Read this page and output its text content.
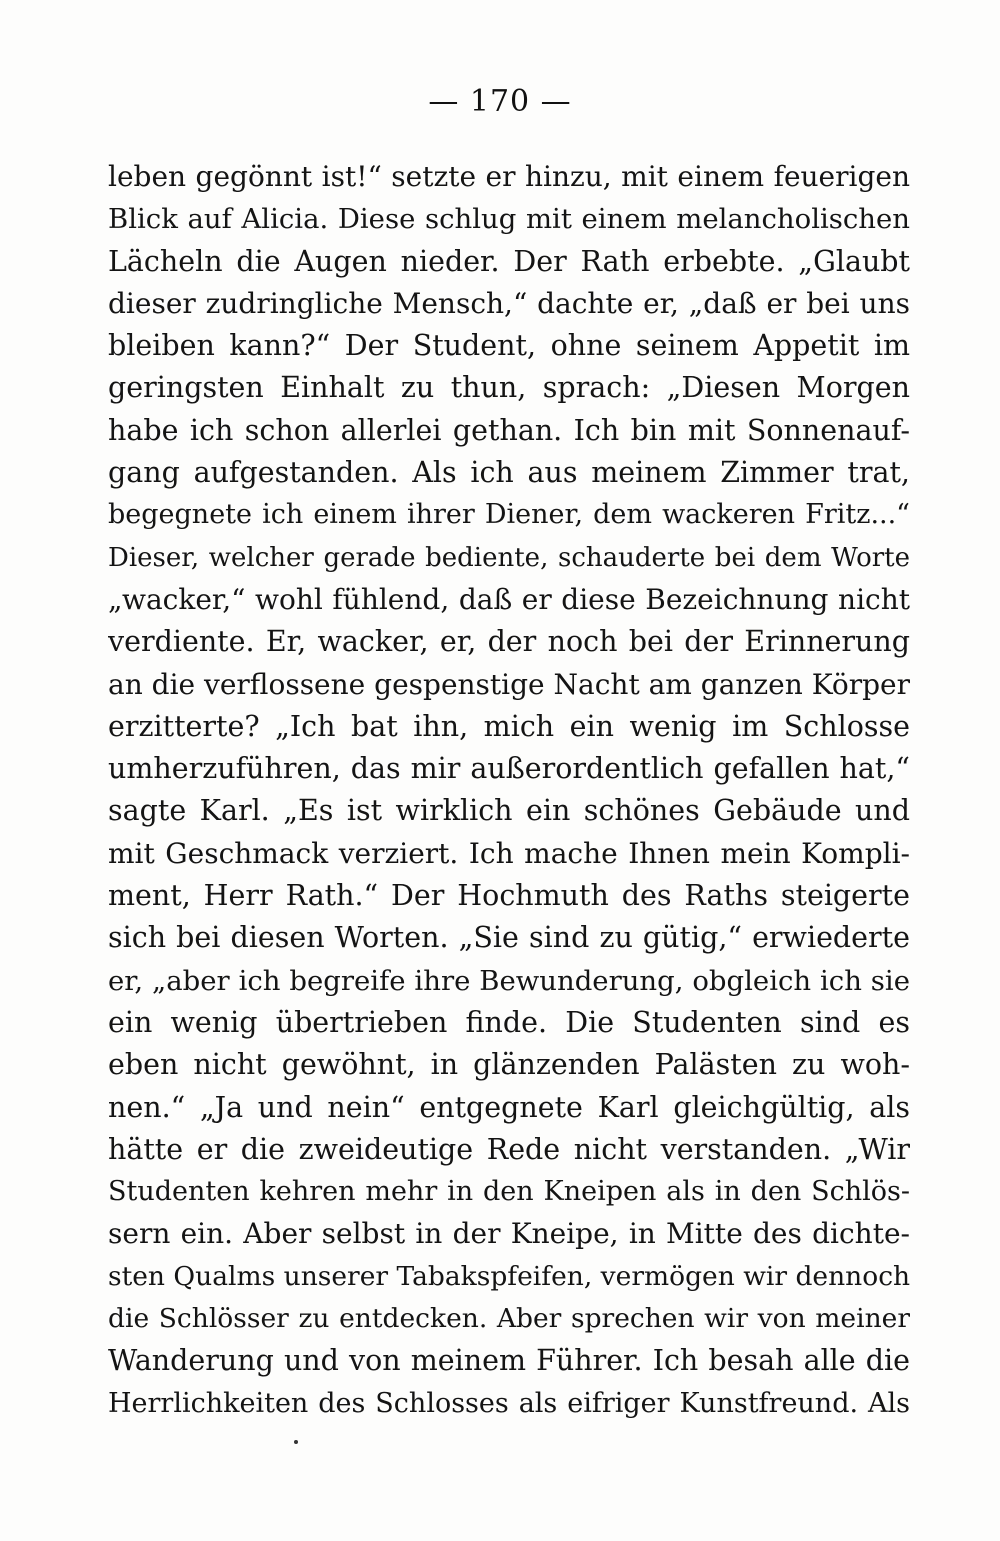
— 170 —
leben gegönnt ist!“ setzte er hinzu, mit einem feuerigen
Blick auf Alicia. Diese schlug mit einem melancholischen
Lächeln die Augen nieder. Der Rath erbebte. „Glaubt
dieser zudringliche Mensch,“ dachte er, „daß er bei uns
bleiben kann?“ Der Student, ohne seinem Appetit im
geringsten Einhalt zu thun, sprach: „Diesen Morgen
habe ich schon allerlei gethan. Ich bin mit Sonnenauf-
gang aufgestanden. Als ich aus meinem Zimmer trat,
begegnete ich einem ihrer Diener, dem wackeren Fritz...“
Dieser, welcher gerade bediente, schauderte bei dem Worte
„wacker,“ wohl fühlend, daß er diese Bezeichnung nicht
verdiente. Er, wacker, er, der noch bei der Erinnerung
an die verflossene gespenstige Nacht am ganzen Körper
erzitterte? „Ich bat ihn, mich ein wenig im Schlosse
umherzuführen, das mir außerordentlich gefallen hat,“
sagte Karl. „Es ist wirklich ein schönes Gebäude und
mit Geschmack verziert. Ich mache Ihnen mein Kompli-
ment, Herr Rath.“ Der Hochmuth des Raths steigerte
sich bei diesen Worten. „Sie sind zu gütig,“ erwiederte
er, „aber ich begreife ihre Bewunderung, obgleich ich sie
ein wenig übertrieben finde. Die Studenten sind es
eben nicht gewöhnt, in glänzenden Palästen zu woh-
nen.“ „Ja und nein“ entgegnete Karl gleichgültig, als
hätte er die zweideutige Rede nicht verstanden. „Wir
Studenten kehren mehr in den Kneipen als in den Schlös-
sern ein. Aber selbst in der Kneipe, in Mitte des dichte-
sten Qualms unserer Tabakspfeifen, vermögen wir dennoch
die Schlösser zu entdecken. Aber sprechen wir von meiner
Wanderung und von meinem Führer. Ich besah alle die
Herrlichkeiten des Schlosses als eifriger Kunstfreund. Als
